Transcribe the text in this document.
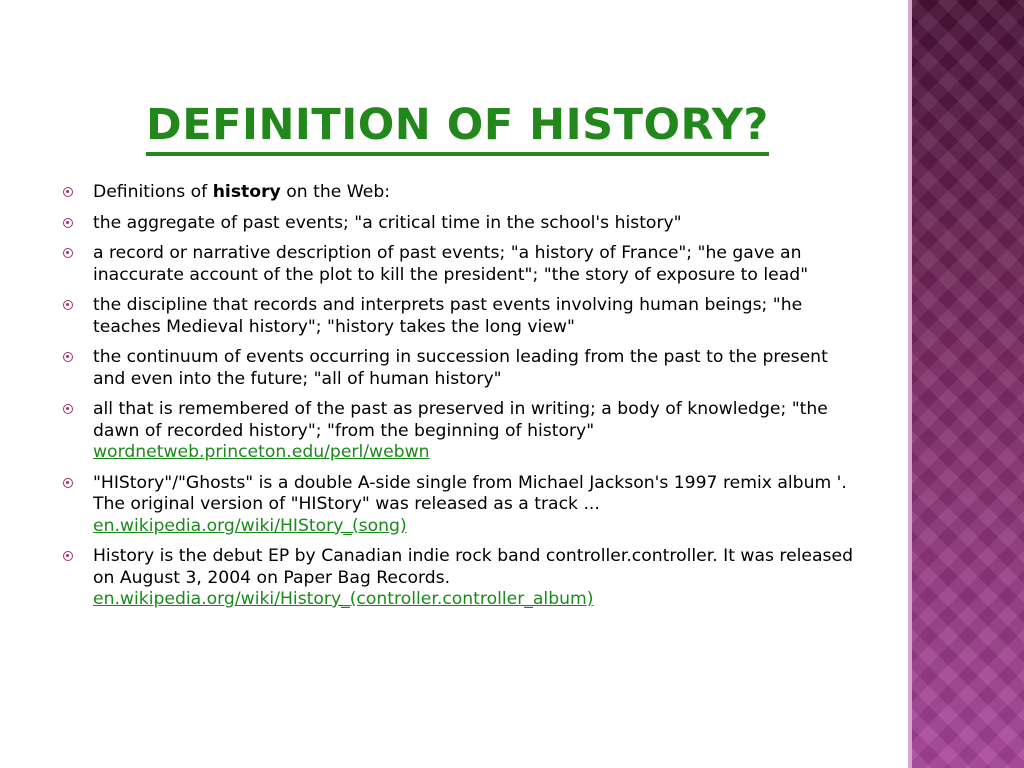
DEFINITION OF HISTORY?
Definitions of history on the Web:
the aggregate of past events; "a critical time in the school's history"
a record or narrative description of past events; "a history of France"; "he gave an inaccurate account of the plot to kill the president"; "the story of exposure to lead"
the discipline that records and interprets past events involving human beings; "he teaches Medieval history"; "history takes the long view"
the continuum of events occurring in succession leading from the past to the present and even into the future; "all of human history"
all that is remembered of the past as preserved in writing; a body of knowledge; "the dawn of recorded history"; "from the beginning of history"
wordnetweb.princeton.edu/perl/webwn
"HIStory"/"Ghosts" is a double A-side single from Michael Jackson's 1997 remix album '. The original version of "HIStory" was released as a track ...
en.wikipedia.org/wiki/HIStory_(song)
History is the debut EP by Canadian indie rock band controller.controller. It was released on August 3, 2004 on Paper Bag Records.
en.wikipedia.org/wiki/History_(controller.controller_album)
